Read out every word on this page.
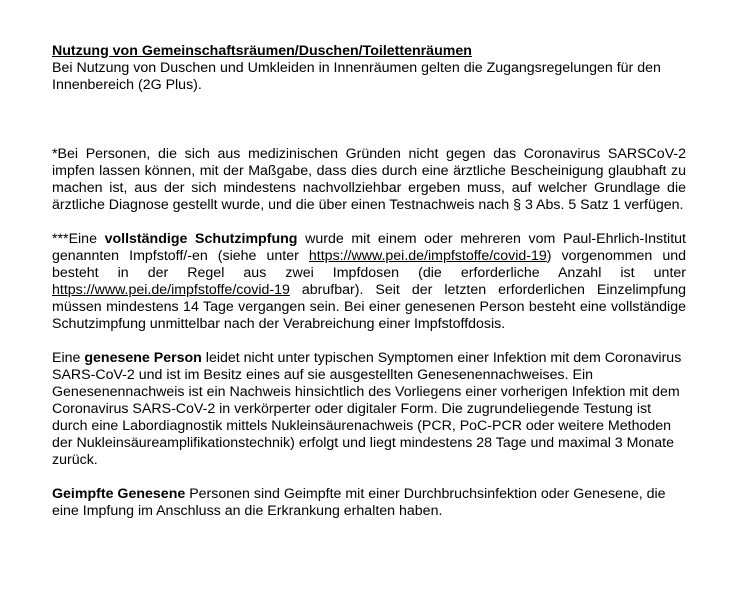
Nutzung von Gemeinschaftsräumen/Duschen/Toilettenräumen

Bei Nutzung von Duschen und Umkleiden in Innenräumen gelten die Zugangsregelungen für den Innenbereich (2G Plus).

*Bei Personen, die sich aus medizinischen Gründen nicht gegen das Coronavirus SARSCoV-2 impfen lassen können, mit der Maßgabe, dass dies durch eine ärztliche Bescheinigung glaubhaft zu machen ist, aus der sich mindestens nachvollziehbar ergeben muss, auf welcher Grundlage die ärztliche Diagnose gestellt wurde, und die über einen Testnachweis nach § 3 Abs. 5 Satz 1 verfügen.

***Eine vollständige Schutzimpfung wurde mit einem oder mehreren vom Paul-Ehrlich-Institut genannten Impfstoff/-en (siehe unter https://www.pei.de/impfstoffe/covid-19) vorgenommen und besteht in der Regel aus zwei Impfdosen (die erforderliche Anzahl ist unter https://www.pei.de/impfstoffe/covid-19 abrufbar). Seit der letzten erforderlichen Einzelimpfung müssen mindestens 14 Tage vergangen sein. Bei einer genesenen Person besteht eine vollständige Schutzimpfung unmittelbar nach der Verabreichung einer Impfstoffdosis.

Eine genesene Person leidet nicht unter typischen Symptomen einer Infektion mit dem Coronavirus SARS-CoV-2 und ist im Besitz eines auf sie ausgestellten Genesenennachweises. Ein Genesenennachweis ist ein Nachweis hinsichtlich des Vorliegens einer vorherigen Infektion mit dem Coronavirus SARS-CoV-2 in verkörperter oder digitaler Form. Die zugrundeliegende Testung ist durch eine Labordiagnostik mittels Nukleinsäurenachweis (PCR, PoC-PCR oder weitere Methoden der Nukleinsäureamplifikationstechnik) erfolgt und liegt mindestens 28 Tage und maximal 3 Monate zurück.

Geimpfte Genesene Personen sind Geimpfte mit einer Durchbruchsinfektion oder Genesene, die eine Impfung im Anschluss an die Erkrankung erhalten haben.
